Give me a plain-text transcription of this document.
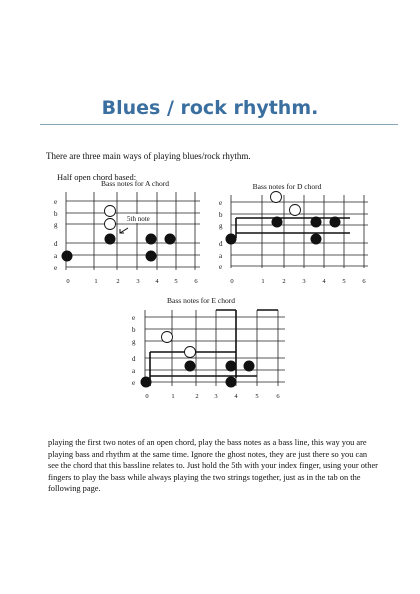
Blues / rock rhythm.
There are three main ways of playing blues/rock rhythm.
Half open chord based:
Bass notes for A chord
e
b
g
d
a
e
0	1	2	3 4 5	6
5th note
Bass notes for D chord
e
b
g
d
a
e
0	1	2	3	4	5	6
Bass notes for E chord
e
b
g
d
a
e
0	1	2 3	4	5	6
playing the first two notes of an open chord, play the bass notes as a bass line, this way you are playing bass and rhythm at the same time. Ignore the ghost notes, they are just there so you can see the chord that this bassline relates to. Just hold the 5th with your index finger, using your other fingers to play the bass while always playing the two strings together, just as in the tab on the following page.
